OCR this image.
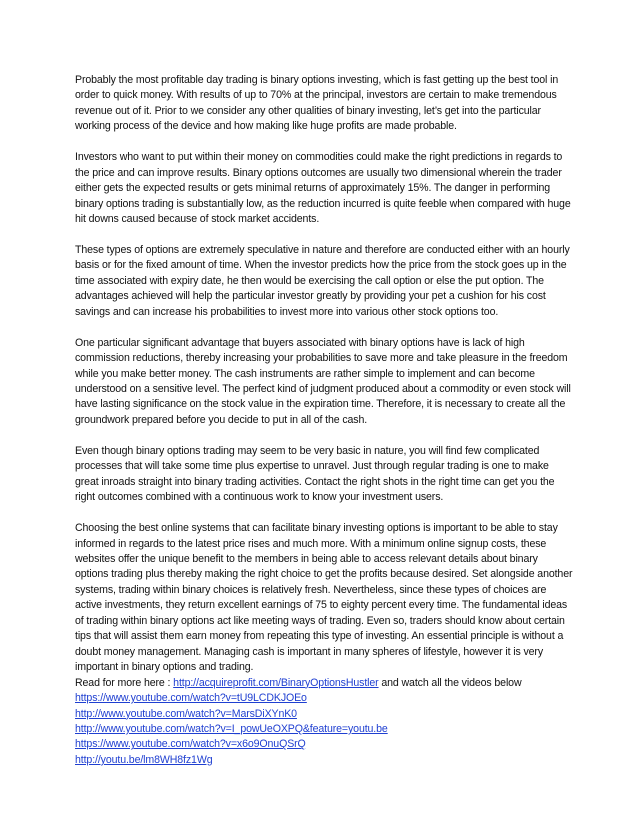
Probably the most profitable day trading is binary options investing, which is fast getting up the best tool in order to quick money. With results of up to 70% at the principal, investors are certain to make tremendous revenue out of it. Prior to we consider any other qualities of binary investing, let’s get into the particular working process of the device and how making like huge profits are made probable.

Investors who want to put within their money on commodities could make the right predictions in regards to the price and can improve results. Binary options outcomes are usually two dimensional wherein the trader either gets the expected results or gets minimal returns of approximately 15%. The danger in performing binary options trading is substantially low, as the reduction incurred is quite feeble when compared with huge hit downs caused because of stock market accidents.

These types of options are extremely speculative in nature and therefore are conducted either with an hourly basis or for the fixed amount of time. When the investor predicts how the price from the stock goes up in the time associated with expiry date, he then would be exercising the call option or else the put option. The advantages achieved will help the particular investor greatly by providing your pet a cushion for his cost savings and can increase his probabilities to invest more into various other stock options too.

One particular significant advantage that buyers associated with binary options have is lack of high commission reductions, thereby increasing your probabilities to save more and take pleasure in the freedom while you make better money. The cash instruments are rather simple to implement and can become understood on a sensitive level. The perfect kind of judgment produced about a commodity or even stock will have lasting significance on the stock value in the expiration time. Therefore, it is necessary to create all the groundwork prepared before you decide to put in all of the cash.

Even though binary options trading may seem to be very basic in nature, you will find few complicated processes that will take some time plus expertise to unravel. Just through regular trading is one to make great inroads straight into binary trading activities. Contact the right shots in the right time can get you the right outcomes combined with a continuous work to know your investment users.

Choosing the best online systems that can facilitate binary investing options is important to be able to stay informed in regards to the latest price rises and much more. With a minimum online signup costs, these websites offer the unique benefit to the members in being able to access relevant details about binary options trading plus thereby making the right choice to get the profits because desired. Set alongside another systems, trading within binary choices is relatively fresh. Nevertheless, since these types of choices are active investments, they return excellent earnings of 75 to eighty percent every time. The fundamental ideas of trading within binary options act like meeting ways of trading. Even so, traders should know about certain tips that will assist them earn money from repeating this type of investing. An essential principle is without a doubt money management. Managing cash is important in many spheres of lifestyle, however it is very important in binary options and trading.

Read for more here : http://acquireprofit.com/BinaryOptionsHustler and watch all the videos below
https://www.youtube.com/watch?v=tU9LCDKJOEo
http://www.youtube.com/watch?v=MarsDiXYnK0
http://www.youtube.com/watch?v=I_powUeOXPQ&feature=youtu.be
https://www.youtube.com/watch?v=x6o9OnuQSrQ
http://youtu.be/lm8WH8fz1Wg
